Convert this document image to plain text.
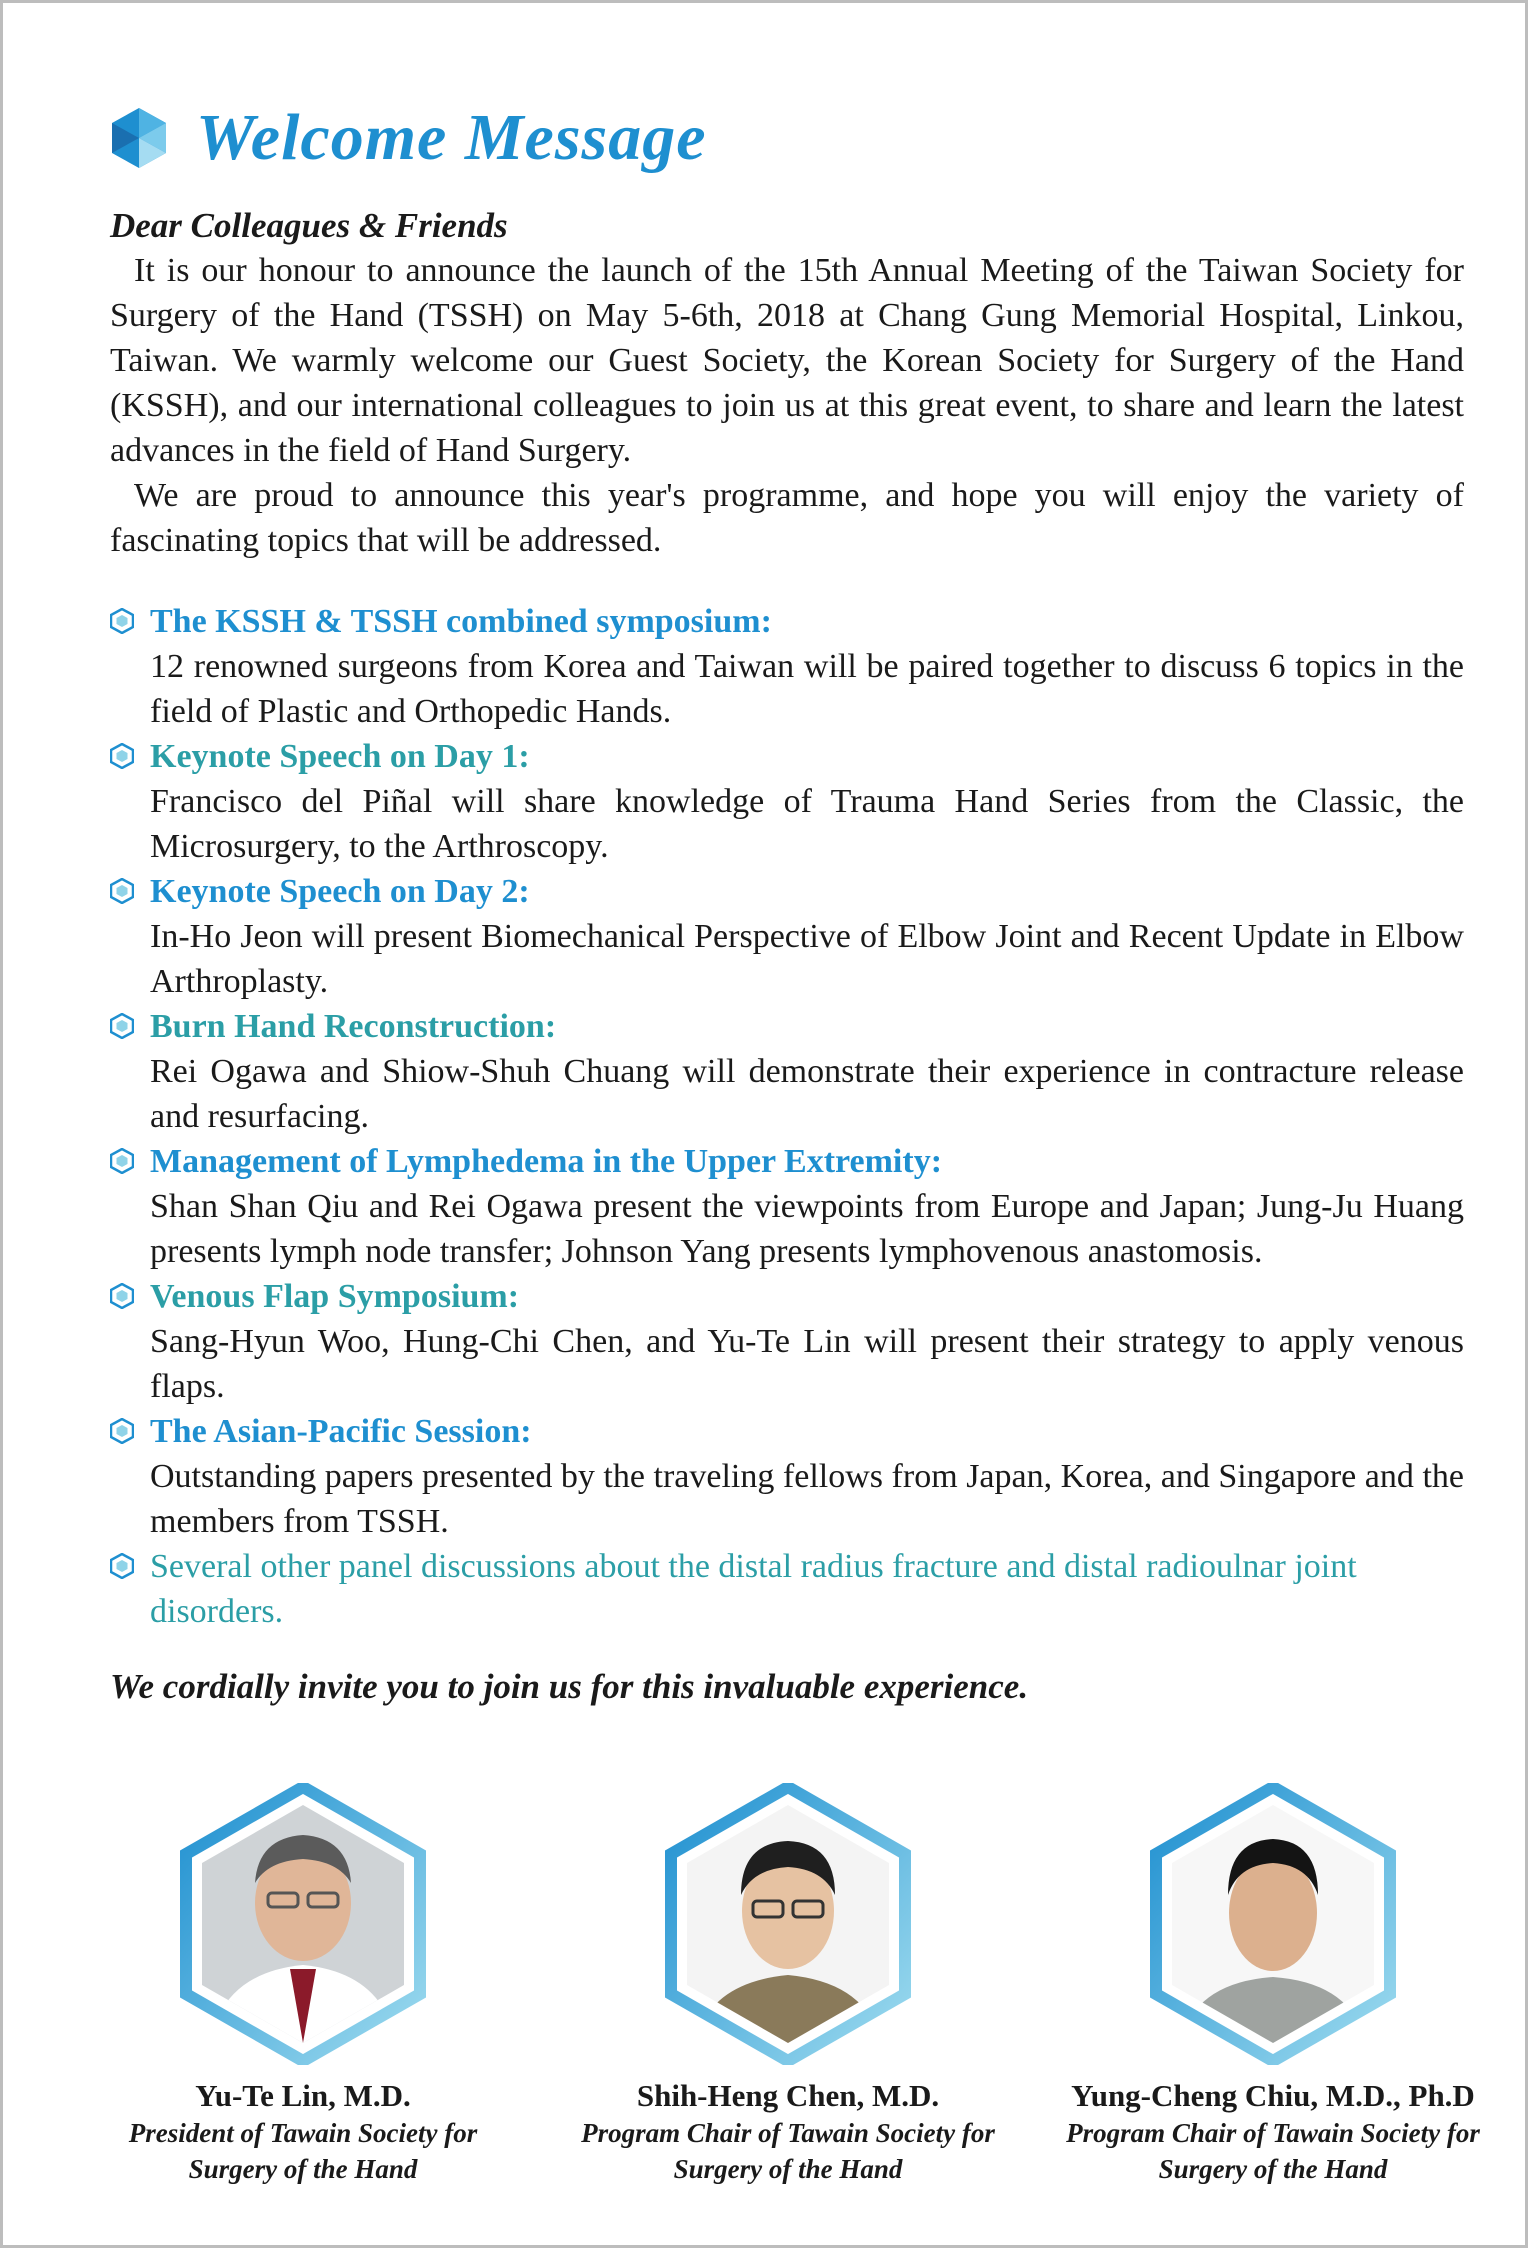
Welcome Message
Dear Colleagues & Friends

It is our honour to announce the launch of the 15th Annual Meeting of the Taiwan Society for Surgery of the Hand (TSSH) on May 5-6th, 2018 at Chang Gung Memorial Hospital, Linkou, Taiwan. We warmly welcome our Guest Society, the Korean Society for Surgery of the Hand (KSSH), and our international colleagues to join us at this great event, to share and learn the latest advances in the field of Hand Surgery.

We are proud to announce this year's programme, and hope you will enjoy the variety of fascinating topics that will be addressed.

The KSSH & TSSH combined symposium:
12 renowned surgeons from Korea and Taiwan will be paired together to discuss 6 topics in the field of Plastic and Orthopedic Hands.
Keynote Speech on Day 1:
Francisco del Piñal will share knowledge of Trauma Hand Series from the Classic, the Microsurgery, to the Arthroscopy.
Keynote Speech on Day 2:
In-Ho Jeon will present Biomechanical Perspective of Elbow Joint and Recent Update in Elbow Arthroplasty.
Burn Hand Reconstruction:
Rei Ogawa and Shiow-Shuh Chuang will demonstrate their experience in contracture release and resurfacing.
Management of Lymphedema in the Upper Extremity:
Shan Shan Qiu and Rei Ogawa present the viewpoints from Europe and Japan; Jung-Ju Huang presents lymph node transfer; Johnson Yang presents lymphovenous anastomosis.
Venous Flap Symposium:
Sang-Hyun Woo, Hung-Chi Chen, and Yu-Te Lin will present their strategy to apply venous flaps.
The Asian-Pacific Session:
Outstanding papers presented by the traveling fellows from Japan, Korea, and Singapore and the members from TSSH.
Several other panel discussions about the distal radius fracture and distal radioulnar joint disorders.
We cordially invite you to join us for this invaluable experience.
Yu-Te Lin, M.D.
President of Tawain Society for
Surgery of the Hand
Shih-Heng Chen, M.D.
Program Chair of Tawain Society for
Surgery of the Hand
Yung-Cheng Chiu, M.D., Ph.D
Program Chair of Tawain Society for
Surgery of the Hand
